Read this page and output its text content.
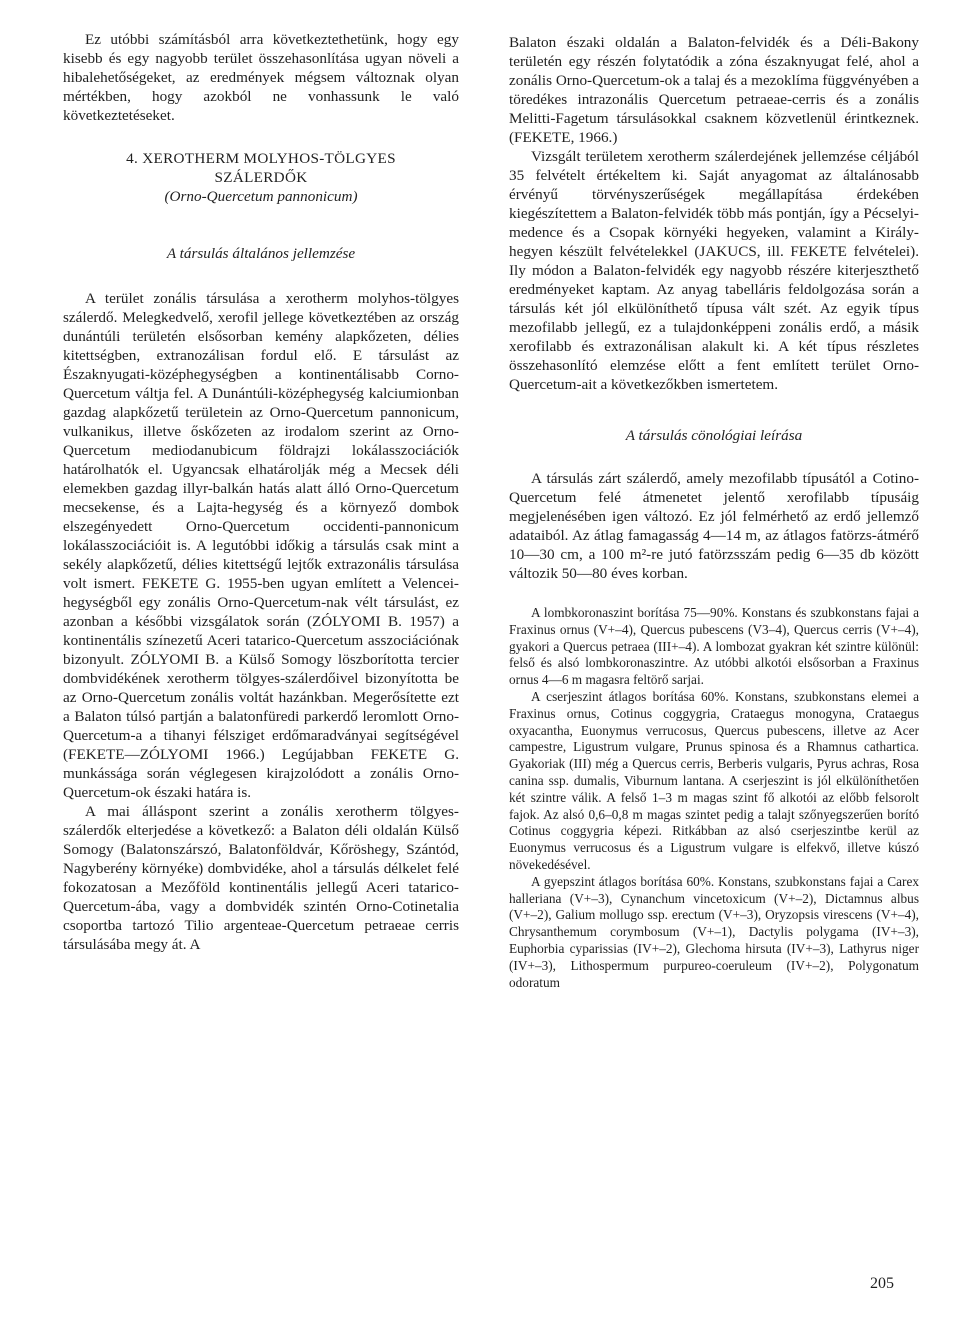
Ez utóbbi számításból arra következtethetünk, hogy egy kisebb és egy nagyobb terület összehasonlítása ugyan növeli a hibalehetőségeket, az eredmények mégsem változnak olyan mértékben, hogy azokból ne vonhassunk le való következtetéseket.

4. XEROTHERM MOLYHOS-TÖLGYES
SZÁLERDŐK
(Orno-Quercetum pannonicum)
A társulás általános jellemzése

A terület zonális társulása a xerotherm molyhos-tölgyes szálerdő. Melegkedvelő, xerofil jellege következtében az ország dunántúli területén elsősorban kemény alapkőzeten, délies kitettségben, extranozálisan fordul elő. E társulást az Északnyugati-középhegységben a kontinentálisabb Corno-Quercetum váltja fel. A Dunántúli-középhegység kalciumionban gazdag alapkőzetű területein az Orno-Quercetum pannonicum, vulkanikus, illetve őskőzeten az irodalom szerint az Orno-Quercetum mediodanubicum földrajzi lokálasszociációk határolhatók el. Ugyancsak elhatárolják még a Mecsek déli elemekben gazdag illyr-balkán hatás alatt álló Orno-Quercetum mecsekense, és a Lajta-hegység és a környező dombok elszegényedett Orno-Quercetum occidenti-pannonicum lokálasszociációit is. A legutóbbi időkig a társulás csak mint a sekély alapkőzetű, délies kitettségű lejtők extrazonális társulása volt ismert. FEKETE G. 1955-ben ugyan említett a Velencei-hegységből egy zonális Orno-Quercetum-nak vélt társulást, ez azonban a későbbi vizsgálatok során (ZÓLYOMI B. 1957) a kontinentális színezetű Aceri tatarico-Quercetum asszociációnak bizonyult. ZÓLYOMI B. a Külső Somogy löszborította tercier dombvidékének xerotherm tölgyes-szálerdőivel bizonyította be az Orno-Quercetum zonális voltát hazánkban. Megerősítette ezt a Balaton túlsó partján a balatonfüredi parkerdő leromlott Orno-Quercetum-a a tihanyi félsziget erdőmaradványai segítségével (FEKETE—ZÓLYOMI 1966.) Legújabban FEKETE G. munkássága során véglegesen kirajzolódott a zonális Orno-Quercetum-ok északi határa is.

A mai álláspont szerint a zonális xerotherm tölgyes-szálerdők elterjedése a következő: a Balaton déli oldalán Külső Somogy (Balatonszárszó, Balatonföldvár, Kőröshegy, Szántód, Nagyberény környéke) dombvidéke, ahol a társulás délkelet felé fokozatosan a Mezőföld kontinentális jellegű Aceri tatarico-Quercetum-ába, vagy a dombvidék szintén Orno-Cotinetalia csoportba tartozó Tilio argenteae-Quercetum petraeae cerris társulásába megy át. A

Balaton északi oldalán a Balaton-felvidék és a Déli-Bakony területén egy részén folytatódik a zóna északnyugat felé, ahol a zonális Orno-Quercetum-ok a talaj és a mezoklíma függvényében a töredékes intrazonális Quercetum petraeae-cerris és a zonális Melitti-Fagetum társulásokkal csaknem közvetlenül érintkeznek. (FEKETE, 1966.)

Vizsgált területem xerotherm szálerdejének jellemzése céljából 35 felvételt értékeltem ki. Saját anyagomat az általánosabb érvényű törvényszerűségek megállapítása érdekében kiegészítettem a Balaton-felvidék több más pontján, így a Pécselyi-medence és a Csopak környéki hegyeken, valamint a Király-hegyen készült felvételekkel (JAKUCS, ill. FEKETE felvételei). Ily módon a Balaton-felvidék egy nagyobb részére kiterjeszthető eredményeket kaptam. Az anyag tabelláris feldolgozása során a társulás két jól elkülöníthető típusa vált szét. Az egyik típus mezofilabb jellegű, ez a tulajdonképpeni zonális erdő, a másik xerofilabb és extrazonálisan alakult ki. A két típus részletes összehasonlító elemzése előtt a fent említett terület Orno-Quercetum-ait a következőkben ismertetem.

A társulás cönológiai leírása

A társulás zárt szálerdő, amely mezofilabb típusától a Cotino-Quercetum felé átmenetet jelentő xerofilabb típusáig megjelenésében igen változó. Ez jól felmérhető az erdő jellemző adataiból. Az átlag famagasság 4—14 m, az átlagos fatörzs-átmérő 10—30 cm, a 100 m²-re jutó fatörzsszám pedig 6—35 db között változik 50—80 éves korban.

A lombkoronaszint borítása 75—90%. Konstans és szubkonstans fajai a Fraxinus ornus (V+–4), Quercus pubescens (V3–4), Quercus cerris (V+–4), gyakori a Quercus petraea (III+–4). A lombozat gyakran két szintre különül: felső és alsó lombkoronaszintre. Az utóbbi alkotói elsősorban a Fraxinus ornus 4—6 m magasra feltörő sarjai.

A cserjeszint átlagos borítása 60%. Konstans, szubkonstans elemei a Fraxinus ornus, Cotinus coggygria, Crataegus monogyna, Crataegus oxyacantha, Euonymus verrucosus, Quercus pubescens, illetve az Acer campestre, Ligustrum vulgare, Prunus spinosa és a Rhamnus cathartica. Gyakoriak (III) még a Quercus cerris, Berberis vulgaris, Pyrus achras, Rosa canina ssp. dumalis, Viburnum lantana. A cserjeszint is jól elkülöníthetően két szintre válik. A felső 1–3 m magas szint fő alkotói az előbb felsorolt fajok. Az alsó 0,6–0,8 m magas szintet pedig a talajt szőnyegszerűen borító Cotinus coggygria képezi. Ritkábban az alsó cserjeszintbe kerül az Euonymus verrucosus és a Ligustrum vulgare is elfekvő, illetve kúszó növekedésével.

A gyepszint átlagos borítása 60%. Konstans, szubkonstans fajai a Carex halleriana (V+–3), Cynanchum vincetoxicum (V+–2), Dictamnus albus (V+–2), Galium mollugo ssp. erectum (V+–3), Oryzopsis virescens (V+–4), Chrysanthemum corymbosum (V+–1), Dactylis polygama (IV+–3), Euphorbia cyparissias (IV+–2), Glechoma hirsuta (IV+–3), Lathyrus niger (IV+–3), Lithospermum purpureo-coeruleum (IV+–2), Polygonatum odoratum

205
